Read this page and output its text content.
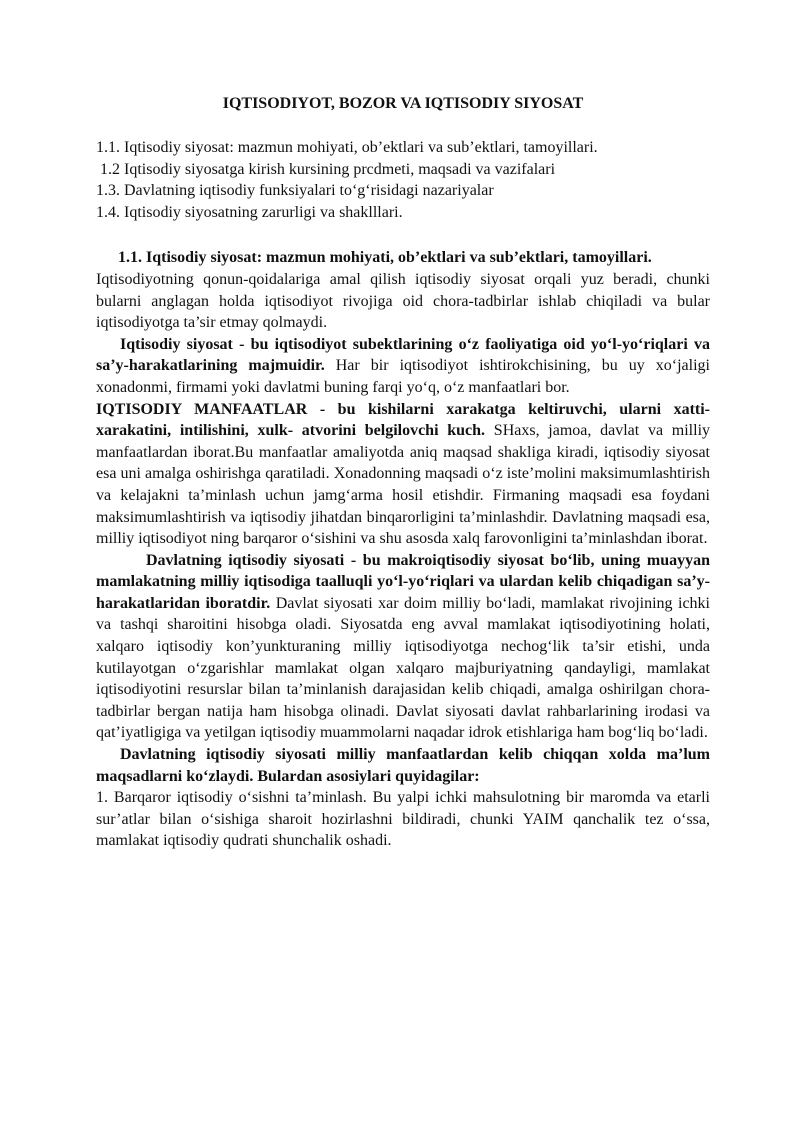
IQTISODIYOT, BOZOR VA IQTISODIY SIYOSAT
1.1. Iqtisodiy siyosat: mazmun mohiyati, ob’ektlari va sub’ektlari, tamoyillari.
1.2 Iqtisodiy siyosatga kirish kursining prcdmeti, maqsadi va vazifalari
1.3. Davlatning iqtisodiy funksiyalari to‘g‘risidagi nazariyalar
1.4. Iqtisodiy siyosatning zarurligi va shaklllari.

1.1. Iqtisodiy siyosat: mazmun mohiyati, ob’ektlari va sub’ektlari, tamoyillari.

Iqtisodiyotning qonun-qoidalariga amal qilish iqtisodiy siyosat orqali yuz beradi, chunki bularni anglagan holda iqtisodiyot rivojiga oid chora-tadbirlar ishlab chiqiladi va bular iqtisodiyotga ta’sir etmay qolmaydi.

Iqtisodiy siyosat - bu iqtisodiyot subektlarining o‘z faoliyatiga oid yo‘l-yo‘riqlari va sa’y-harakatlarining majmuidir. Har bir iqtisodiyot ishtirokchisining, bu uy xo‘jaligi xonadonmi, firmami yoki davlatmi buning farqi yo‘q, o‘z manfaatlari bor.

IQTISODIY MANFAATLAR - bu kishilarni xarakatga keltiruvchi, ularni xatti-xarakatini, intilishini, xulk- atvorini belgilovchi kuch. SHaxs, jamoa, davlat va milliy manfaatlardan iborat.Bu manfaatlar amaliyotda aniq maqsad shakliga kiradi, iqtisodiy siyosat esa uni amalga oshirishga qaratiladi. Xonadonning maqsadi o‘z iste’molini maksimumlashtirish va kelajakni ta’minlash uchun jamg‘arma hosil etishdir. Firmaning maqsadi esa foydani maksimumlashtirish va iqtisodiy jihatdan binqarorligini ta’minlashdir. Davlatning maqsadi esa, milliy iqtisodiyot ning barqaror o‘sishini va shu asosda xalq farovonligini ta’minlashdan iborat.

Davlatning iqtisodiy siyosati - bu makroiqtisodiy siyosat bo‘lib, uning muayyan mamlakatning milliy iqtisodiga taalluqli yo‘l-yo‘riqlari va ulardan kelib chiqadigan sa’y-harakatlaridan iboratdir. Davlat siyosati xar doim milliy bo‘ladi, mamlakat rivojining ichki va tashqi sharoitini hisobga oladi. Siyosatda eng avval mamlakat iqtisodiyotining holati, xalqaro iqtisodiy kon’yunkturaning milliy iqtisodiyotga nechog‘lik ta’sir etishi, unda kutilayotgan o‘zgarishlar mamlakat olgan xalqaro majburiyatning qandayligi, mamlakat iqtisodiyotini resurslar bilan ta’minlanish darajasidan kelib chiqadi, amalga oshirilgan chora-tadbirlar bergan natija ham hisobga olinadi. Davlat siyosati davlat rahbarlarining irodasi va qat’iyatligiga va yetilgan iqtisodiy muammolarni naqadar idrok etishlariga ham bog‘liq bo‘ladi.

Davlatning iqtisodiy siyosati milliy manfaatlardan kelib chiqqan xolda ma’lum maqsadlarni ko‘zlaydi. Bulardan asosiylari quyidagilar:

1. Barqaror iqtisodiy o‘sishni ta’minlash. Bu yalpi ichki mahsulotning bir maromda va etarli sur’atlar bilan o‘sishiga sharoit hozirlashni bildiradi, chunki YAIM qanchalik tez o‘ssa, mamlakat iqtisodiy qudrati shunchalik oshadi.
